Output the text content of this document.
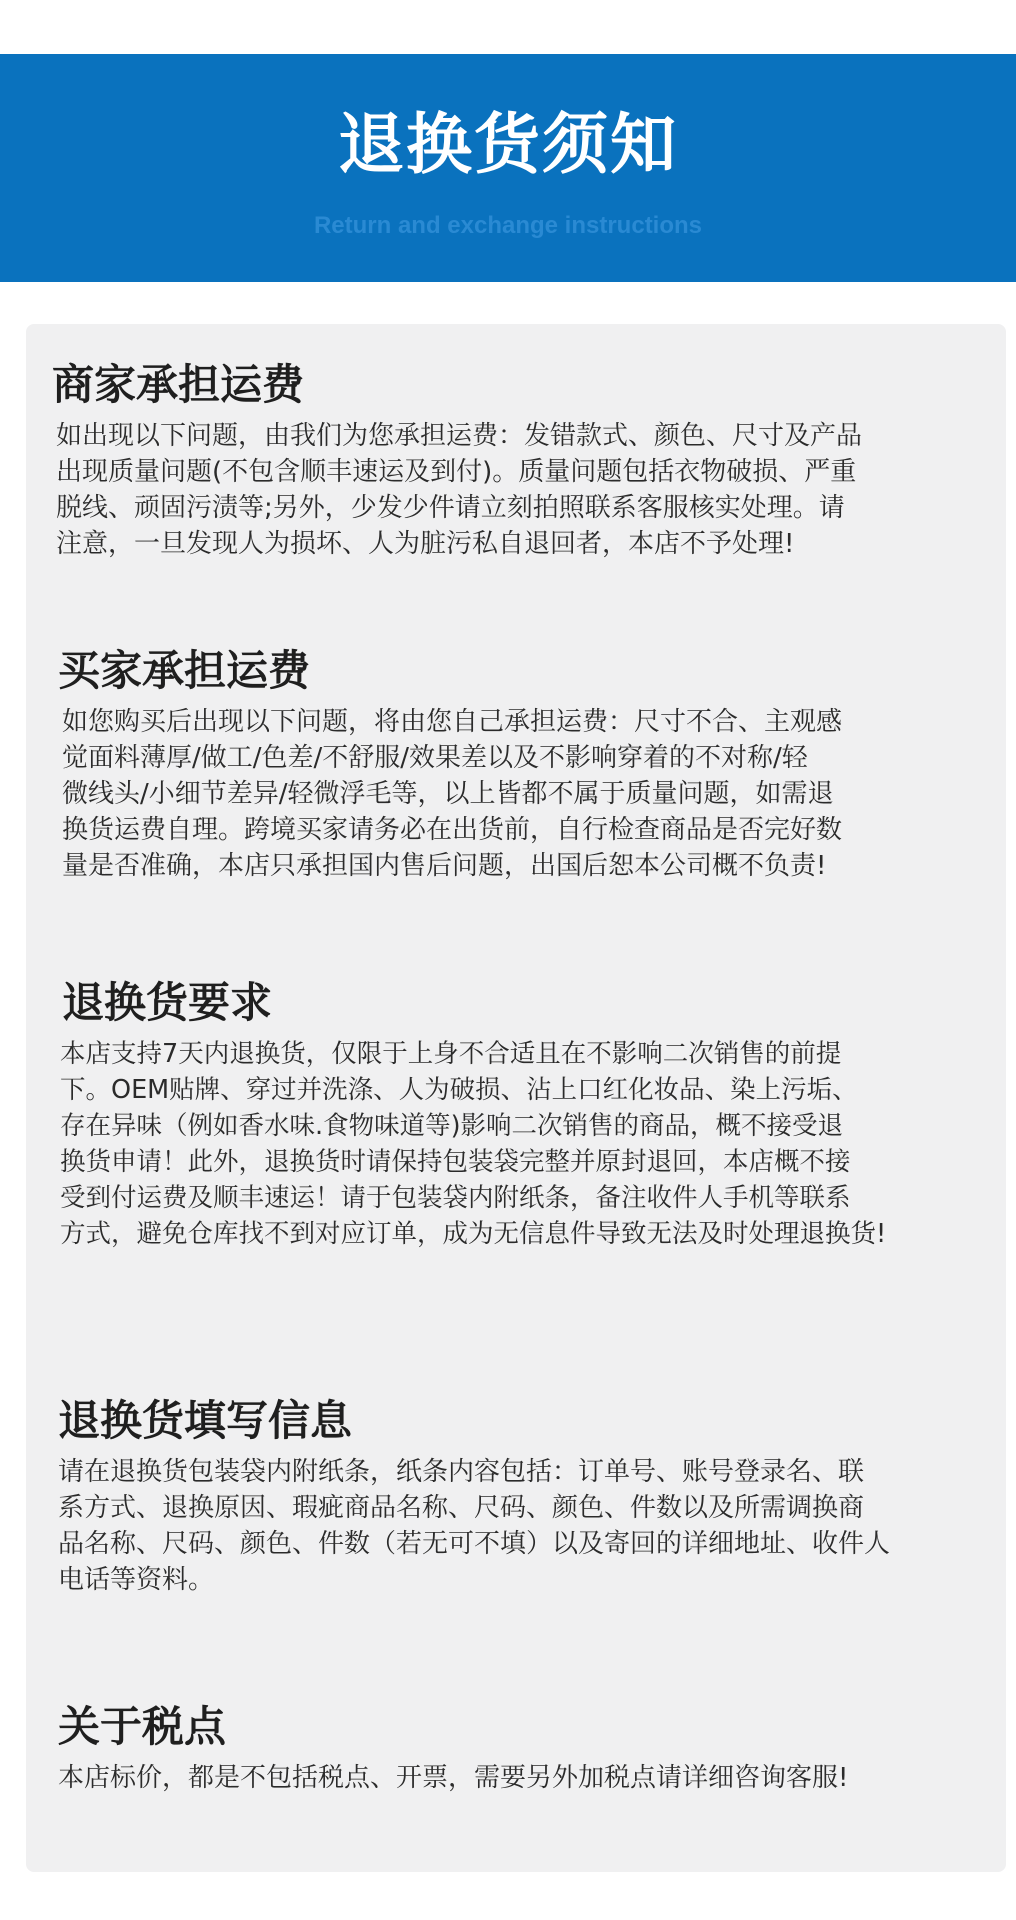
退换货须知
Return and exchange instructions
商家承担运费

如出现以下问题，由我们为您承担运费：发错款式、颜色、尺寸及产品
出现质量问题(不包含顺丰速运及到付)。质量问题包括衣物破损、严重
脱线、顽固污渍等;另外，少发少件请立刻拍照联系客服核实处理。请
注意，一旦发现人为损坏、人为脏污私自退回者，本店不予处理!

买家承担运费

如您购买后出现以下问题，将由您自己承担运费：尺寸不合、主观感
觉面料薄厚/做工/色差/不舒服/效果差以及不影响穿着的不对称/轻
微线头/小细节差异/轻微浮毛等，以上皆都不属于质量问题，如需退
换货运费自理。跨境买家请务必在出货前，自行检查商品是否完好数
量是否准确，本店只承担国内售后问题，出国后恕本公司概不负责!

退换货要求

本店支持7天内退换货，仅限于上身不合适且在不影响二次销售的前提
下。OEM贴牌、穿过并洗涤、人为破损、沾上口红化妆品、染上污垢、
存在异味（例如香水味.食物味道等)影响二次销售的商品，概不接受退
换货申请！此外，退换货时请保持包装袋完整并原封退回，本店概不接
受到付运费及顺丰速运！请于包装袋内附纸条，备注收件人手机等联系
方式，避免仓库找不到对应订单，成为无信息件导致无法及时处理退换货!

退换货填写信息

请在退换货包装袋内附纸条，纸条内容包括：订单号、账号登录名、联
系方式、退换原因、瑕疵商品名称、尺码、颜色、件数以及所需调换商
品名称、尺码、颜色、件数（若无可不填）以及寄回的详细地址、收件人
电话等资料。

关于税点

本店标价，都是不包括税点、开票，需要另外加税点请详细咨询客服!
